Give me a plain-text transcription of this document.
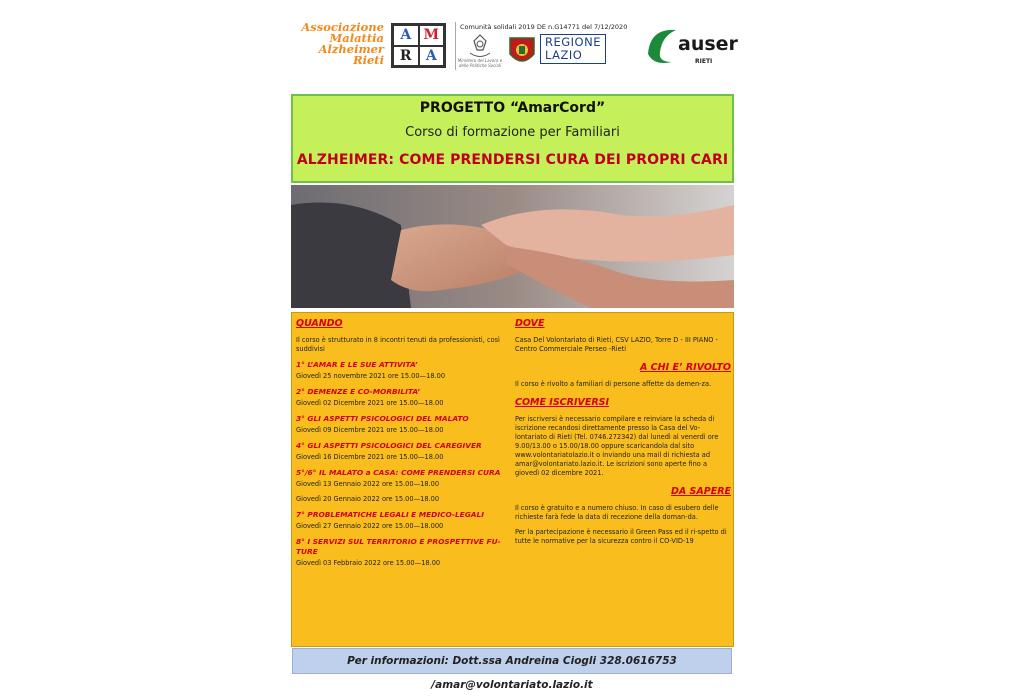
Associazione
Malattia
Alzheimer
Rieti
A M
R	A
Comunità solidali 2019 DE n.G14771 del 7/12/2020
Ministero del Lavoro e delle Politiche Sociali
REGIONE
LAZIO	auser
RIETI
PROGETTO “AmarCord”
Corso di formazione per Familiari
ALZHEIMER: COME PRENDERSI CURA DEI PROPRI CARI
QUANDO

Il corso è strutturato in 8 incontri tenuti da professionisti, così suddivisi

1° L’AMAR E LE SUE ATTIVITA’
Giovedì 25 novembre 2021 ore 15.00—18.00
2° DEMENZE E CO-MORBILITA’
Giovedì 02 Dicembre 2021 ore 15.00—18.00
3° GLI ASPETTI PSICOLOGICI DEL MALATO
Giovedì 09 Dicembre 2021 ore 15.00—18.00
4° GLI ASPETTI PSICOLOGICI DEL CAREGIVER
Giovedì 16 Dicembre 2021 ore 15.00—18.00
5°/6° IL MALATO a CASA: COME PRENDERSI CURA
Giovedì 13 Gennaio 2022 ore 15.00—18.00
Giovedì 20 Gennaio 2022 ore 15.00—18.00
7° PROBLEMATICHE LEGALI E MEDICO-LEGALI
Giovedì 27 Gennaio 2022 ore 15.00—18.000
8° I SERVIZI SUL TERRITORIO E PROSPETTIVE FU-TURE
Giovedì 03 Febbraio 2022 ore 15.00—18.00
DOVE

Casa Del Volontariato di Rieti, CSV LAZIO, Torre D - III PIANO - Centro Commerciale Perseo -Rieti

A CHI E’ RIVOLTO

Il corso è rivolto a familiari di persone affette da demen-za.

COME ISCRIVERSI

Per iscriversi è necessario compilare e reinviare la scheda di iscrizione recandosi direttamente presso la Casa del Vo-lontariato di Rieti (Tel. 0746.272342) dal lunedì al venerdì ore 9.00/13.00 o 15.00/18.00 oppure scaricandola dal sito www.volontariatolazio.it o inviando una mail di richiesta ad amar@volontariato.lazio.it. Le iscrizioni sono aperte fino a giovedì 02 dicembre 2021.

DA SAPERE

Il corso è gratuito e a numero chiuso. In caso di esubero delle richieste farà fede la data di recezione della doman-da.

Per la partecipazione è necessario il Green Pass ed il ri-spetto di tutte le normative per la sicurezza contro il CO-VID-19

Per informazioni: Dott.ssa Andreina Ciogli 328.0616753 /amar@volontariato.lazio.it
